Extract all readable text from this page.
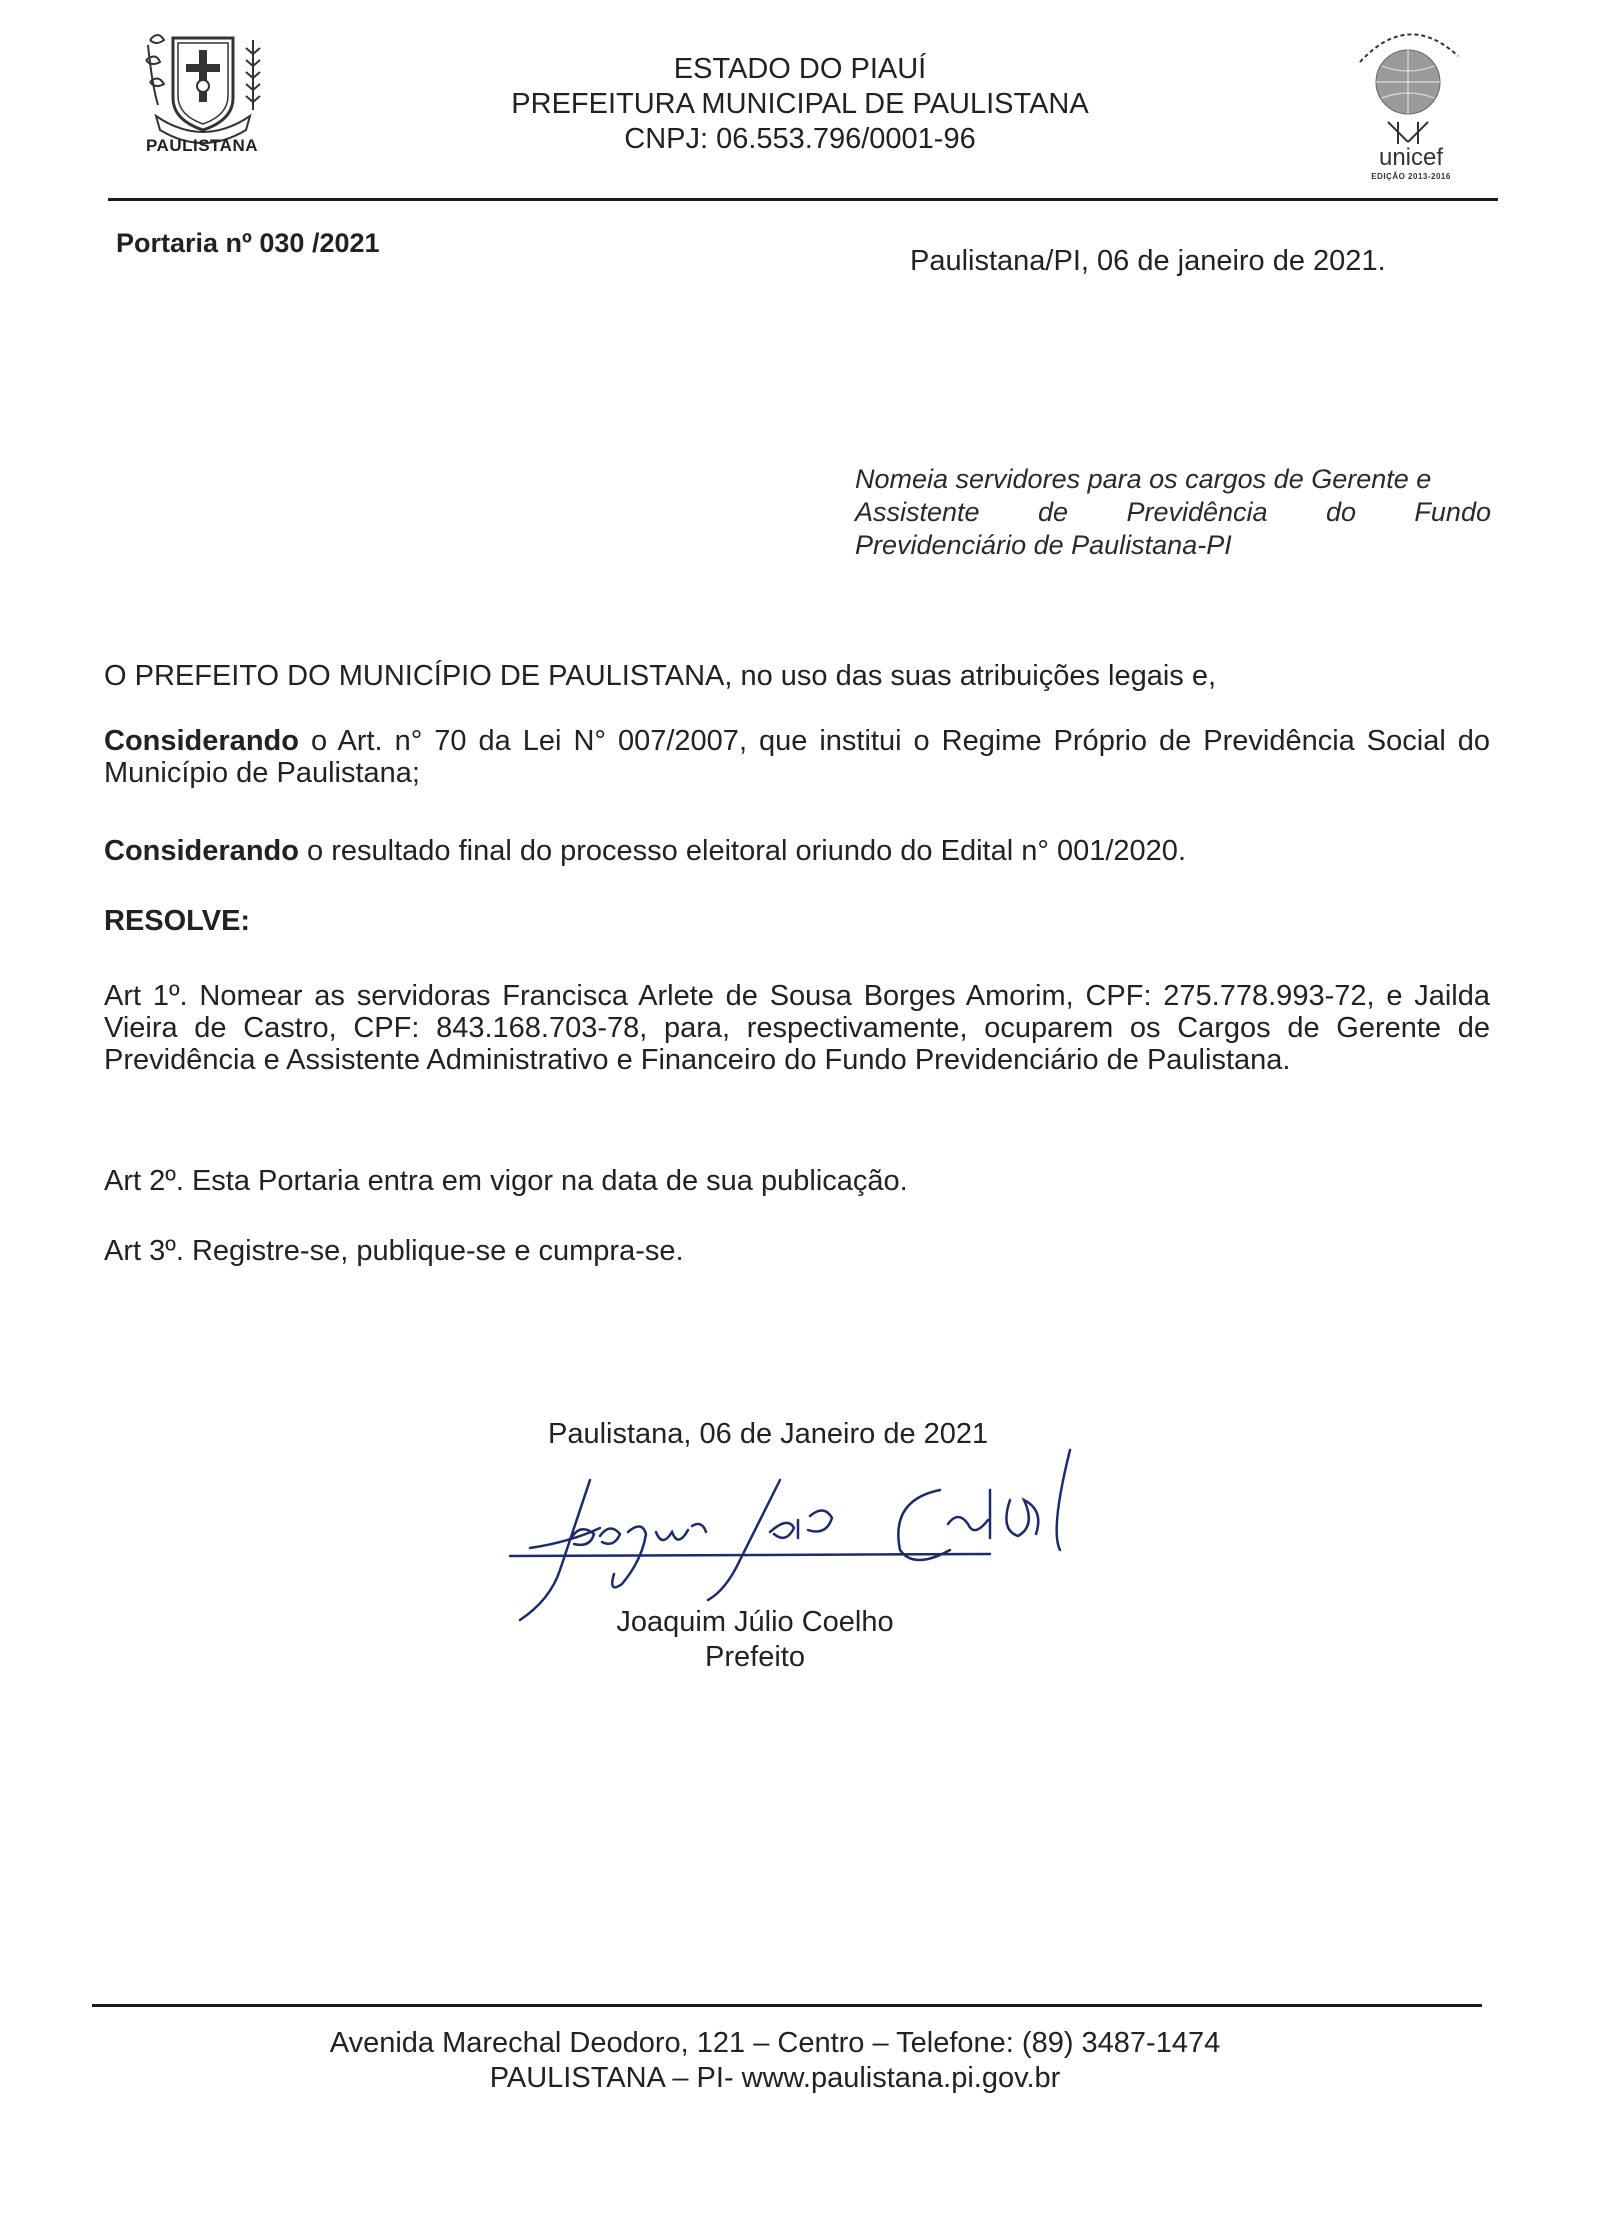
PAULISTANA
ESTADO DO PIAUÍ
PREFEITURA MUNICIPAL DE PAULISTANA
CNPJ: 06.553.796/0001-96
unicef
EDIÇÃO 2013-2016
Portaria nº 030 /2021
Paulistana/PI, 06 de janeiro de 2021.
Nomeia servidores para os cargos de Gerente e
Assistente de Previdência do Fundo
Previdenciário de Paulistana-PI
O PREFEITO DO MUNICÍPIO DE PAULISTANA, no uso das suas atribuições legais e,
Considerando o Art. n° 70 da Lei N° 007/2007, que institui o Regime Próprio de Previdência Social do Município de Paulistana;
Considerando o resultado final do processo eleitoral oriundo do Edital n° 001/2020.
RESOLVE:
Art 1º. Nomear as servidoras Francisca Arlete de Sousa Borges Amorim, CPF: 275.778.993-72, e Jailda Vieira de Castro, CPF: 843.168.703-78, para, respectivamente, ocuparem os Cargos de Gerente de Previdência e Assistente Administrativo e Financeiro do Fundo Previdenciário de Paulistana.
Art 2º. Esta Portaria entra em vigor na data de sua publicação.
Art 3º. Registre-se, publique-se e cumpra-se.
Paulistana, 06 de Janeiro de 2021
Joaquim Júlio Coelho
Prefeito
Avenida Marechal Deodoro, 121 – Centro – Telefone: (89) 3487-1474
PAULISTANA – PI- www.paulistana.pi.gov.br
